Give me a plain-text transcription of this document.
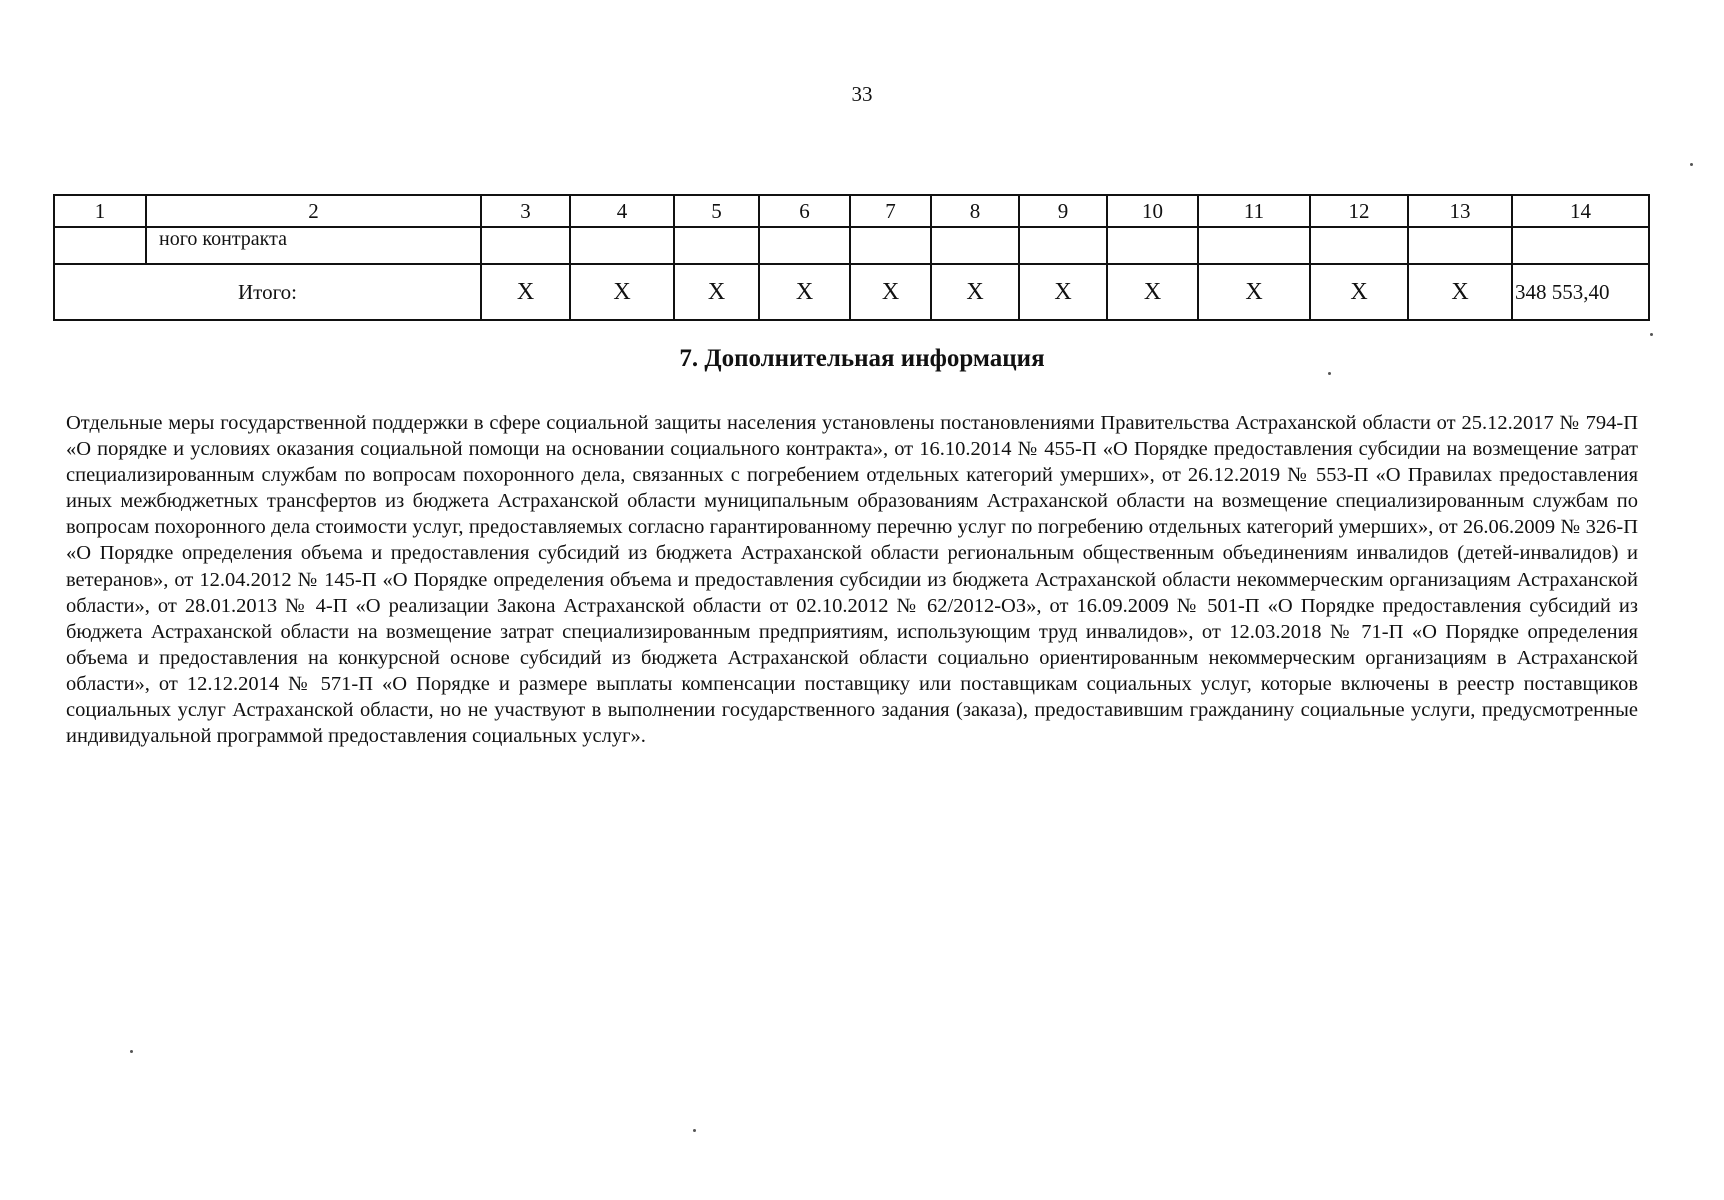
33
1	2	3	4	5	6	7	8	9	10	11	12	13	14
	ного контракта												
Итого:		X	X	X	X	X	X	X	X	X	X	X	348 553,40
7. Дополнительная информация
Отдельные меры государственной поддержки в сфере социальной защиты населения установлены постановлениями Правительства Астраханской области от 25.12.2017 № 794-П «О порядке и условиях оказания социальной помощи на основании социального контракта», от 16.10.2014 № 455-П «О Порядке предоставления субсидии на возмещение затрат специализированным службам по вопросам похоронного дела, связанных с погребением отдельных категорий умерших», от 26.12.2019 № 553-П «О Правилах предоставления иных межбюджетных трансфертов из бюджета Астраханской области муниципальным образованиям Астраханской области на возмещение специализированным службам по вопросам похоронного дела стоимости услуг, предоставляемых согласно гарантированному перечню услуг по погребению отдельных категорий умерших», от 26.06.2009 № 326-П «О Порядке определения объема и предоставления субсидий из бюджета Астраханской области региональным общественным объединениям инвалидов (детей-инвалидов) и ветеранов», от 12.04.2012 № 145-П «О Порядке определения объема и предоставления субсидии из бюджета Астраханской области некоммерческим организациям Астраханской области», от 28.01.2013 № 4-П «О реализации Закона Астраханской области от 02.10.2012 № 62/2012-ОЗ», от 16.09.2009 № 501-П «О Порядке предоставления субсидий из бюджета Астраханской области на возмещение затрат специализированным предприятиям, использующим труд инвалидов», от 12.03.2018 № 71-П «О Порядке определения объема и предоставления на конкурсной основе субсидий из бюджета Астраханской области социально ориентированным некоммерческим организациям в Астраханской области», от 12.12.2014 № 571-П «О Порядке и размере выплаты компенсации поставщику или поставщикам социальных услуг, которые включены в реестр поставщиков социальных услуг Астраханской области, но не участвуют в выполнении государственного задания (заказа), предоставившим гражданину социальные услуги, предусмотренные индивидуальной программой предоставления социальных услуг».
